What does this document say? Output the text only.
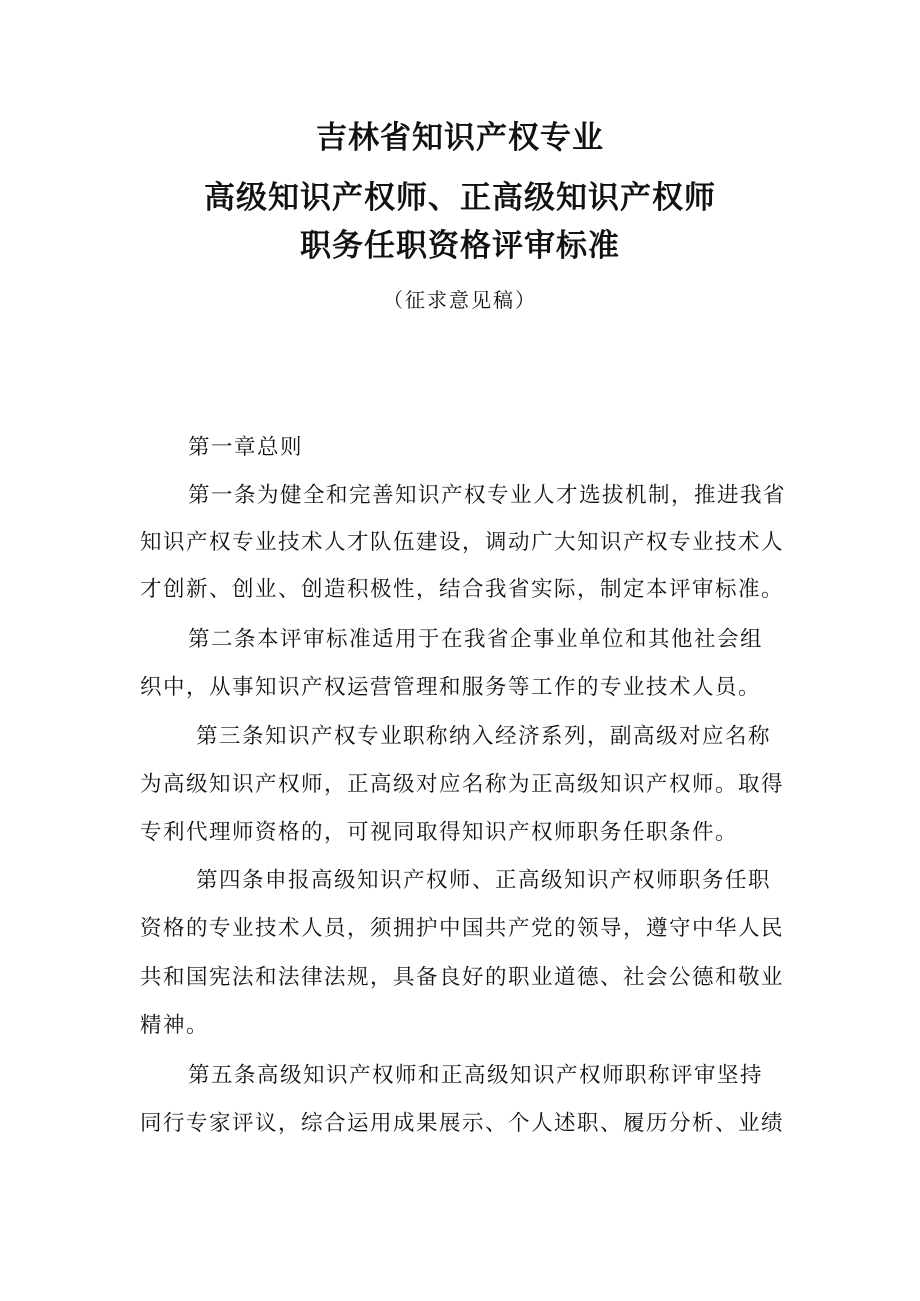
吉林省知识产权专业
高级知识产权师、正高级知识产权师
职务任职资格评审标准
（征求意见稿）
第一章总则
第一条为健全和完善知识产权专业人才选拔机制，推进我省
知识产权专业技术人才队伍建设，调动广大知识产权专业技术人
才创新、创业、创造积极性，结合我省实际，制定本评审标准。
第二条本评审标准适用于在我省企事业单位和其他社会组
织中，从事知识产权运营管理和服务等工作的专业技术人员。
第三条知识产权专业职称纳入经济系列，副高级对应名称
为高级知识产权师，正高级对应名称为正高级知识产权师。取得
专利代理师资格的，可视同取得知识产权师职务任职条件。
第四条申报高级知识产权师、正高级知识产权师职务任职
资格的专业技术人员，须拥护中国共产党的领导，遵守中华人民
共和国宪法和法律法规，具备良好的职业道德、社会公德和敬业
精神。
第五条高级知识产权师和正高级知识产权师职称评审坚持
同行专家评议，综合运用成果展示、个人述职、履历分析、业绩
